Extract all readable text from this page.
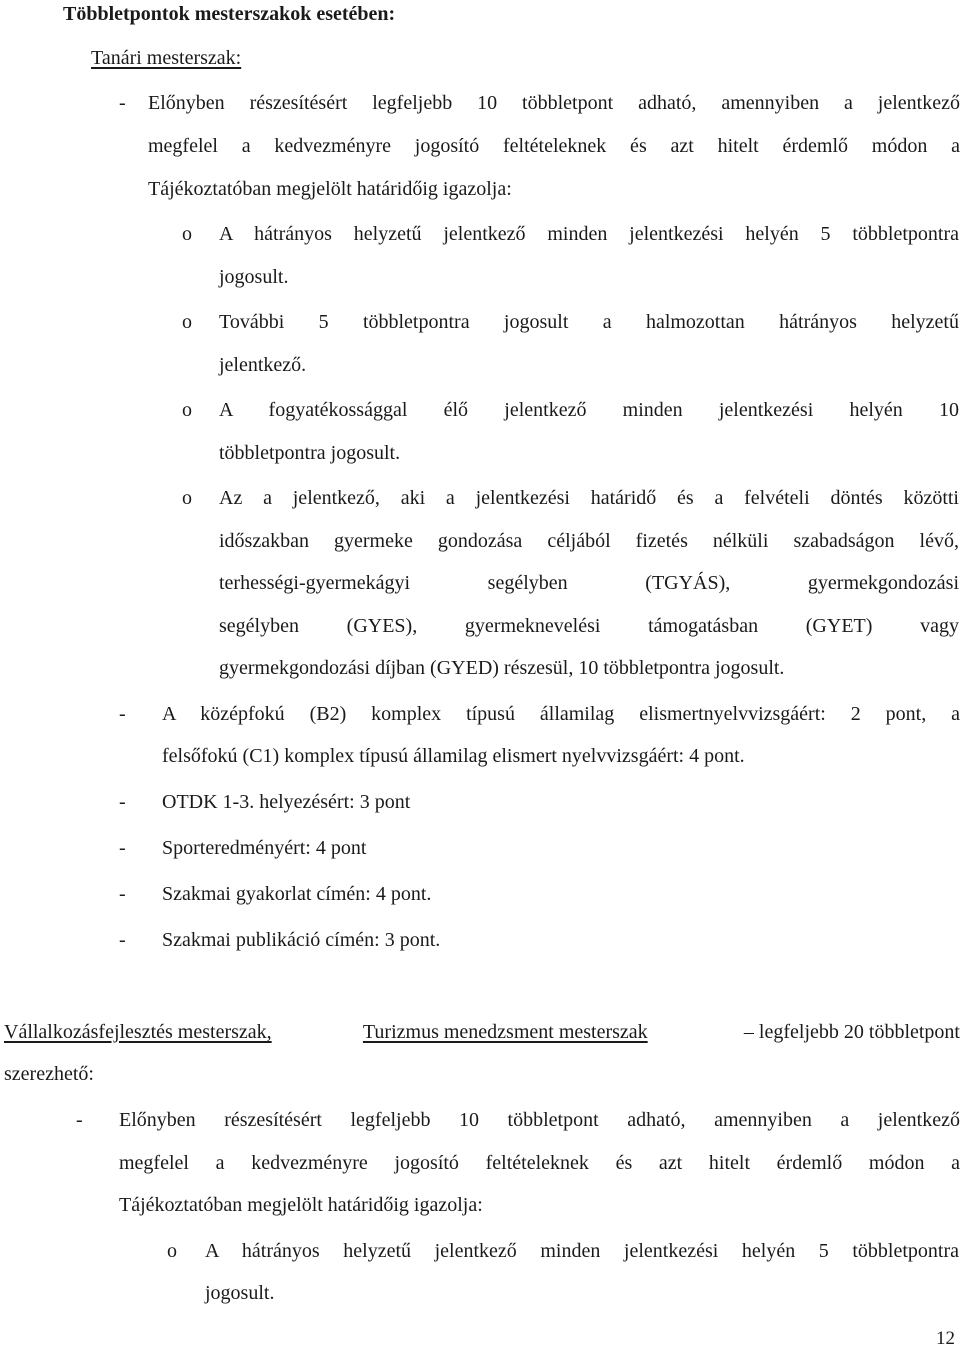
Többletpontok mesterszakok esetében:
Tanári mesterszak:
- Előnyben részesítésért legfeljebb 10 többletpont adható, amennyiben a jelentkező
megfelel a kedvezményre jogosító feltételeknek és azt hitelt érdemlő módon a
Tájékoztatóban megjelölt határidőig igazolja:
o A hátrányos helyzetű jelentkező minden jelentkezési helyén 5 többletpontra
jogosult.
o További 5 többletpontra jogosult a halmozottan hátrányos helyzetű
jelentkező.
o A fogyatékossággal élő jelentkező minden jelentkezési helyén 10
többletpontra jogosult.
o Az a jelentkező, aki a jelentkezési határidő és a felvételi döntés közötti
időszakban gyermeke gondozása céljából fizetés nélküli szabadságon lévő,
terhességi-gyermekágyi segélyben (TGYÁS), gyermekgondozási
segélyben (GYES), gyermeknevelési támogatásban (GYET) vagy
gyermekgondozási díjban (GYED) részesül, 10 többletpontra jogosult.
- A középfokú (B2) komplex típusú államilag elismertnyelvvizsgáért: 2 pont, a
felsőfokú (C1) komplex típusú államilag elismert nyelvvizsgáért: 4 pont.
- OTDK 1-3. helyezésért: 3 pont
- Sporteredményért: 4 pont
- Szakmai gyakorlat címén: 4 pont.
- Szakmai publikáció címén: 3 pont.
Vállalkozásfejlesztés mesterszak,	Turizmus menedzsment mesterszak	– legfeljebb 20 többletpont
szerezhető:
- Előnyben részesítésért legfeljebb 10 többletpont adható, amennyiben a jelentkező
megfelel a kedvezményre jogosító feltételeknek és azt hitelt érdemlő módon a
Tájékoztatóban megjelölt határidőig igazolja:
o A hátrányos helyzetű jelentkező minden jelentkezési helyén 5 többletpontra
jogosult.
12
